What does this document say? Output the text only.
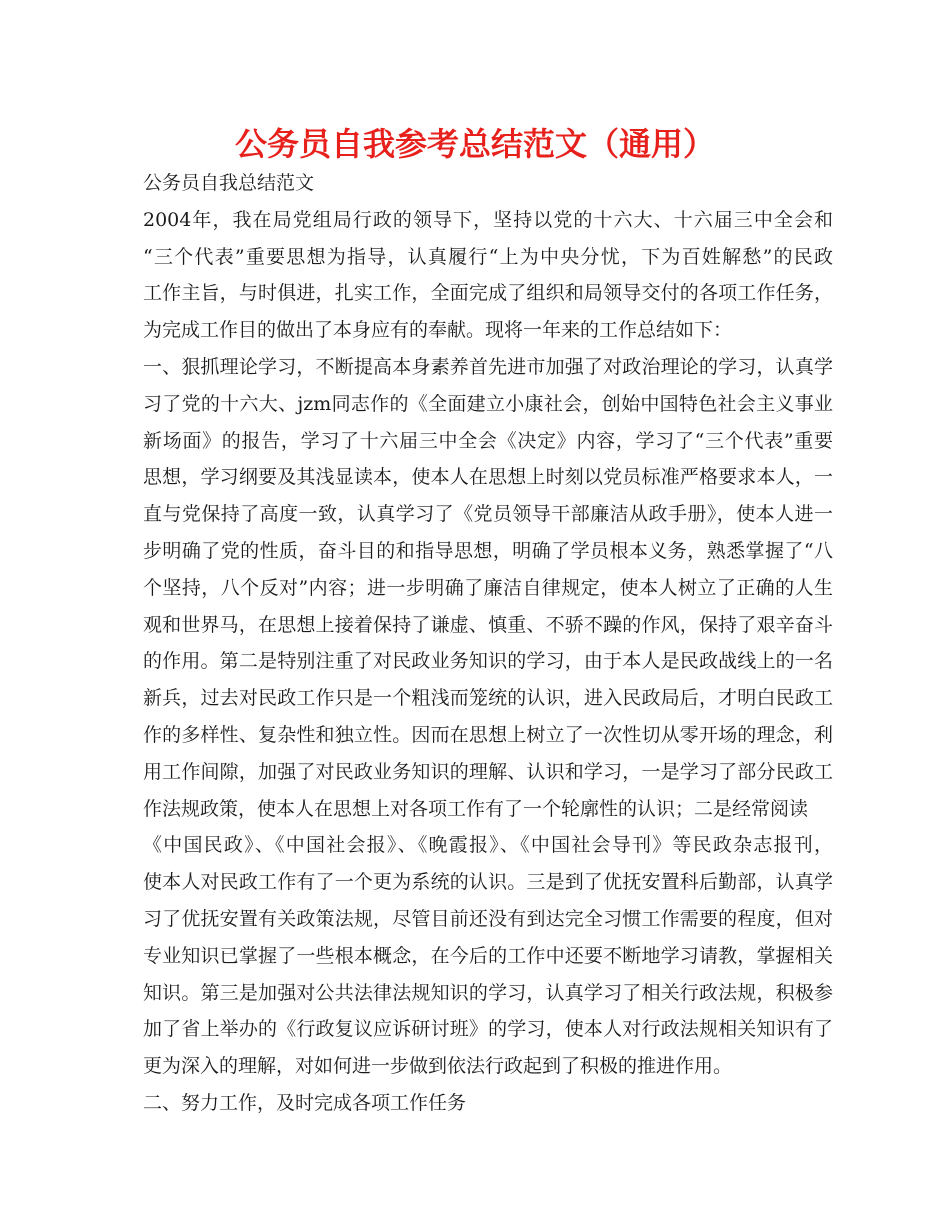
公务员自我参考总结范文（通用）
公务员自我总结范文
2004年，我在局党组局行政的领导下，坚持以党的十六大、十六届三中全会和
“三个代表”重要思想为指导，认真履行“上为中央分忧，下为百姓解愁”的民政
工作主旨，与时俱进，扎实工作，全面完成了组织和局领导交付的各项工作任务，
为完成工作目的做出了本身应有的奉献。现将一年来的工作总结如下：
一、狠抓理论学习，不断提高本身素养首先进市加强了对政治理论的学习，认真学
习了党的十六大、jzm同志作的《全面建立小康社会，创始中国特色社会主义事业
新场面》的报告，学习了十六届三中全会《决定》内容，学习了“三个代表”重要
思想，学习纲要及其浅显读本，使本人在思想上时刻以党员标准严格要求本人，一
直与党保持了高度一致，认真学习了《党员领导干部廉洁从政手册》，使本人进一
步明确了党的性质，奋斗目的和指导思想，明确了学员根本义务，熟悉掌握了“八
个坚持，八个反对”内容；进一步明确了廉洁自律规定，使本人树立了正确的人生
观和世界马，在思想上接着保持了谦虚、慎重、不骄不躁的作风，保持了艰辛奋斗
的作用。第二是特别注重了对民政业务知识的学习，由于本人是民政战线上的一名
新兵，过去对民政工作只是一个粗浅而笼统的认识，进入民政局后，才明白民政工
作的多样性、复杂性和独立性。因而在思想上树立了一次性切从零开场的理念，利
用工作间隙，加强了对民政业务知识的理解、认识和学习，一是学习了部分民政工
作法规政策，使本人在思想上对各项工作有了一个轮廓性的认识；二是经常阅读
《中国民政》、《中国社会报》、《晚霞报》、《中国社会导刊》等民政杂志报刊，
使本人对民政工作有了一个更为系统的认识。三是到了优抚安置科后勤部，认真学
习了优抚安置有关政策法规，尽管目前还没有到达完全习惯工作需要的程度，但对
专业知识已掌握了一些根本概念，在今后的工作中还要不断地学习请教，掌握相关
知识。第三是加强对公共法律法规知识的学习，认真学习了相关行政法规，积极参
加了省上举办的《行政复议应诉研讨班》的学习，使本人对行政法规相关知识有了
更为深入的理解，对如何进一步做到依法行政起到了积极的推进作用。
二、努力工作，及时完成各项工作任务
